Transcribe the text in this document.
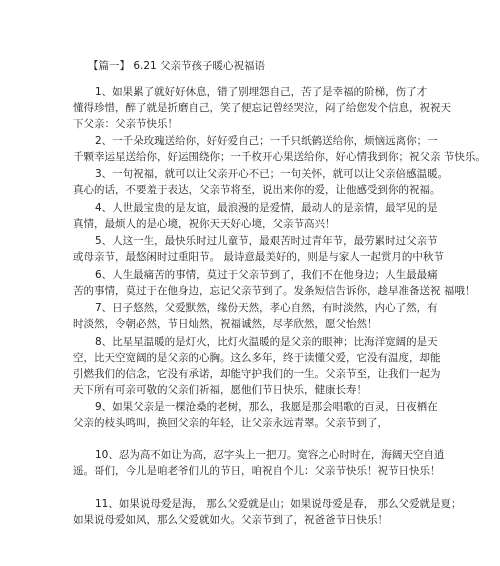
【篇一】 6.21 父亲节孩子暖心祝福语
1、如果累了就好好休息，错了别埋怨自己，苦了是幸福的阶梯，伤了才
懂得珍惜，醉了就是折磨自己，笑了便忘记曾经哭泣，闷了给您发个信息，祝祝天
下父亲：父亲节快乐！
2、一千朵玫瑰送给你，好好爱自己；一千只纸鹤送给你，烦恼远离你；一
千颗幸运星送给你，好运围绕你；一千枚开心果送给你，好心情我到你；祝父亲 节快乐。
3、一句祝福，就可以让父亲开心不已；一句关怀，就可以让父亲倍感温暖。
真心的话，不要羞于表达，父亲节将至，说出来你的爱，让他感受到你的祝福。
4、人世最宝贵的是友谊，最浪漫的是爱情，最动人的是亲情，最罕见的是
真情，最烦人的是心境，祝你天天好心境，父亲节高兴！
5、人这一生，最快乐时过儿童节，最艰苦时过青年节，最劳累时过父亲节
或母亲节，最悠闲时过重阳节。 最诗意最美好的，则是与家人一起赏月的中秋节
6、人生最痛苦的事情，莫过于父亲节到了，我们不在他身边；人生最最痛
苦的事情，莫过于在他身边，忘记父亲节到了。发条短信告诉你，趁早准备送祝 福哦！
7、日子悠然，父爱默然，缘份天然，孝心自然，有时淡然，内心了然，有
时淡然，令朝必然，节日灿然，祝福诚然，尽孝欣然，愿父怡然！
8、比星星温暖的是灯火，比灯火温暖的是父亲的眼神；比海洋宽阔的是天
空，比天空宽阔的是父亲的心胸。这么多年，终于读懂父爱，它没有温度，却能
引燃我们的信念，它没有承诺，却能守护我们的一生。父亲节至，让我们一起为
天下所有可亲可敬的父亲们祈福，愿他们节日快乐，健康长寿！
9、如果父亲是一棵沧桑的老树，那么，我愿是那会唱歌的百灵，日夜栖在
父亲的枝头鸣叫，换回父亲的年轻，让父亲永远青翠。父亲节到了，
10、忍为高不如让为高，忍字头上一把刀。宽容之心时时在，海阔天空自逍
遥。哥们，今儿是咱老爷们儿的节日，咱祝自个儿：父亲节快乐！祝节日快乐！
11、如果说母爱是海， 那么父爱就是山；如果说母爱是春， 那么父爱就是夏；
如果说母爱如风，那么父爱就如火。父亲节到了，祝爸爸节日快乐！
